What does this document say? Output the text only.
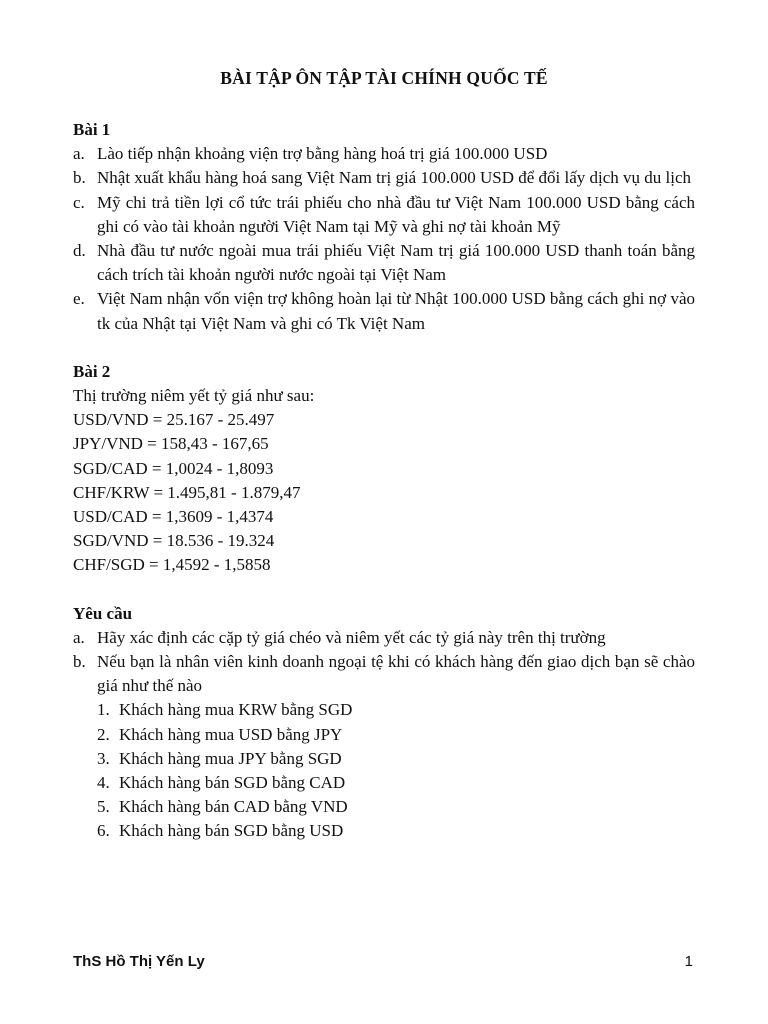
BÀI TẬP ÔN TẬP TÀI CHÍNH QUỐC TẾ

Bài 1

a. Lào tiếp nhận khoảng viện trợ bằng hàng hoá trị giá 100.000 USD
b. Nhật xuất khẩu hàng hoá sang Việt Nam trị giá 100.000 USD để đổi lấy dịch vụ du lịch
c. Mỹ chi trả tiền lợi cổ tức trái phiếu cho nhà đầu tư Việt Nam 100.000 USD bằng cách ghi có vào tài khoản người Việt Nam tại Mỹ và ghi nợ tài khoản Mỹ
d. Nhà đầu tư nước ngoài mua trái phiếu Việt Nam trị giá 100.000 USD thanh toán bằng cách trích tài khoản người nước ngoài tại Việt Nam
e. Việt Nam nhận vốn viện trợ không hoàn lại từ Nhật 100.000 USD bằng cách ghi nợ vào tk của Nhật tại Việt Nam và ghi có Tk Việt Nam

Bài 2

Thị trường niêm yết tỷ giá như sau:

USD/VND = 25.167 - 25.497

JPY/VND = 158,43 - 167,65

SGD/CAD = 1,0024 - 1,8093

CHF/KRW = 1.495,81 - 1.879,47

USD/CAD = 1,3609 - 1,4374

SGD/VND = 18.536 - 19.324

CHF/SGD = 1,4592 - 1,5858

Yêu cầu

a. Hãy xác định các cặp tỷ giá chéo và niêm yết các tỷ giá này trên thị trường
b. Nếu bạn là nhân viên kinh doanh ngoại tệ khi có khách hàng đến giao dịch bạn sẽ chào giá như thế nào
1. Khách hàng mua KRW bằng SGD
2. Khách hàng mua USD bằng JPY
3. Khách hàng mua JPY bằng SGD
4. Khách hàng bán SGD bằng CAD
5. Khách hàng bán CAD bằng VND
6. Khách hàng bán SGD bằng USD
ThS Hồ Thị Yến Ly	1
